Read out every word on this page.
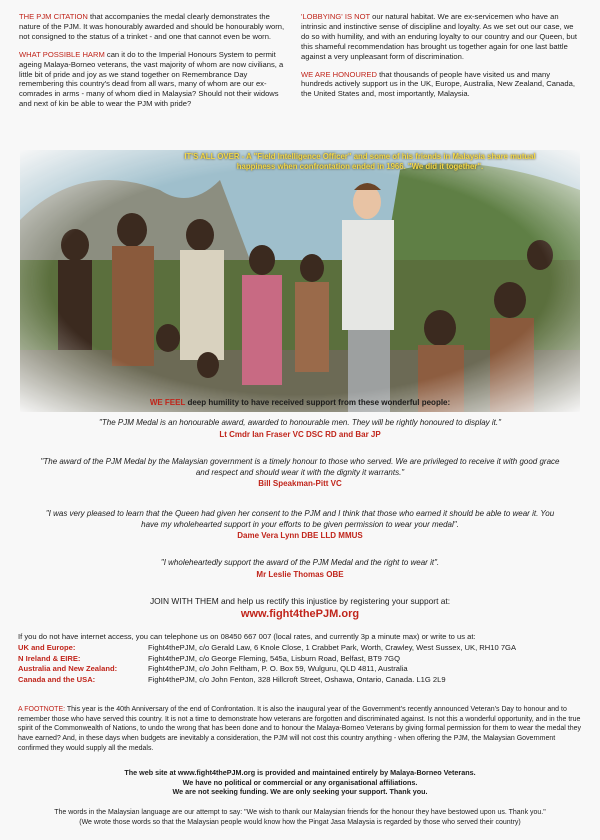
THE PJM CITATION that accompanies the medal clearly demonstrates the nature of the PJM. It was honourably awarded and should be honourably worn, not consigned to the status of a trinket - and one that cannot even be worn.

WHAT POSSIBLE HARM can it do to the Imperial Honours System to permit ageing Malaya-Borneo veterans, the vast majority of whom are now civilians, a little bit of pride and joy as we stand together on Remembrance Day remembering this country's dead from all wars, many of whom are our ex-comrades in arms - many of whom died in Malaysia? Should not their widows and next of kin be able to wear the PJM with pride?

'LOBBYING' IS NOT our natural habitat. We are ex-servicemen who have an intrinsic and instinctive sense of discipline and loyalty. As we set out our case, we do so with humility, and with an enduring loyalty to our country and our Queen, but this shameful recommendation has brought us together again for one last battle against a very unpleasant form of discrimination.

WE ARE HONOURED that thousands of people have visited us and many hundreds actively support us in the UK, Europe, Australia, New Zealand, Canada, the United States and, most importantly, Malaysia.

IT'S ALL OVER - A "Field Intelligence Officer" and some of his friends in Malaysia share mutual happiness when confrontation ended in 1966. "We did it together".
WE FEEL deep humility to have received support from these wonderful people:
"The PJM Medal is an honourable award, awarded to honourable men. They will be rightly honoured to display it."
Lt Cmdr Ian Fraser VC DSC RD and Bar JP
"The award of the PJM Medal by the Malaysian government is a timely honour to those who served. We are privileged to receive it with good grace and respect and should wear it with the dignity it warrants."
Bill Speakman-Pitt VC
"I was very pleased to learn that the Queen had given her consent to the PJM and I think that those who earned it should be able to wear it. You have my wholehearted support in your efforts to be given permission to wear your medal".
Dame Vera Lynn DBE LLD MMUS
"I wholeheartedly support the award of the PJM Medal and the right to wear it".
Mr Leslie Thomas OBE
JOIN WITH THEM and help us rectify this injustice by registering your support at:
www.fight4thePJM.org
If you do not have internet access, you can telephone us on 08450 667 007 (local rates, and currently 3p a minute max) or write to us at:
UK and Europe:	Fight4thePJM, c/o Gerald Law, 6 Knole Close, 1 Crabbet Park, Worth, Crawley, West Sussex, UK, RH10 7GA
N Ireland & EIRE:	Fight4thePJM, c/o George Fleming, 545a, Lisburn Road, Belfast, BT9 7GQ
Australia and New Zealand:	Fight4thePJM, c/o John Feltham, P. O. Box 59, Wulguru, QLD 4811, Australia
Canada and the USA:	Fight4thePJM, c/o John Fenton, 328 Hillcroft Street, Oshawa, Ontario, Canada. L1G 2L9
A FOOTNOTE: This year is the 40th Anniversary of the end of Confrontation. It is also the inaugural year of the Government's recently announced Veteran's Day to honour and to remember those who have served this country. It is not a time to demonstrate how veterans are forgotten and discriminated against. Is not this a wonderful opportunity, and in the true spirit of the Commonwealth of Nations, to undo the wrong that has been done and to honour the Malaya-Borneo Veterans by giving formal permission for them to wear the medal they have earned? And, in these days when budgets are inevitably a consideration, the PJM will not cost this country anything - when offering the PJM, the Malaysian Government confirmed they would supply all the medals.
The web site at www.fight4thePJM.org is provided and maintained entirely by Malaya-Borneo Veterans.
We have no political or commercial or any organisational affiliations.
We are not seeking funding. We are only seeking your support. Thank you.
The words in the Malaysian language are our attempt to say: "We wish to thank our Malaysian friends for the honour they have bestowed upon us. Thank you."
(We wrote those words so that the Malaysian people would know how the Pingat Jasa Malaysia is regarded by those who served their country)
